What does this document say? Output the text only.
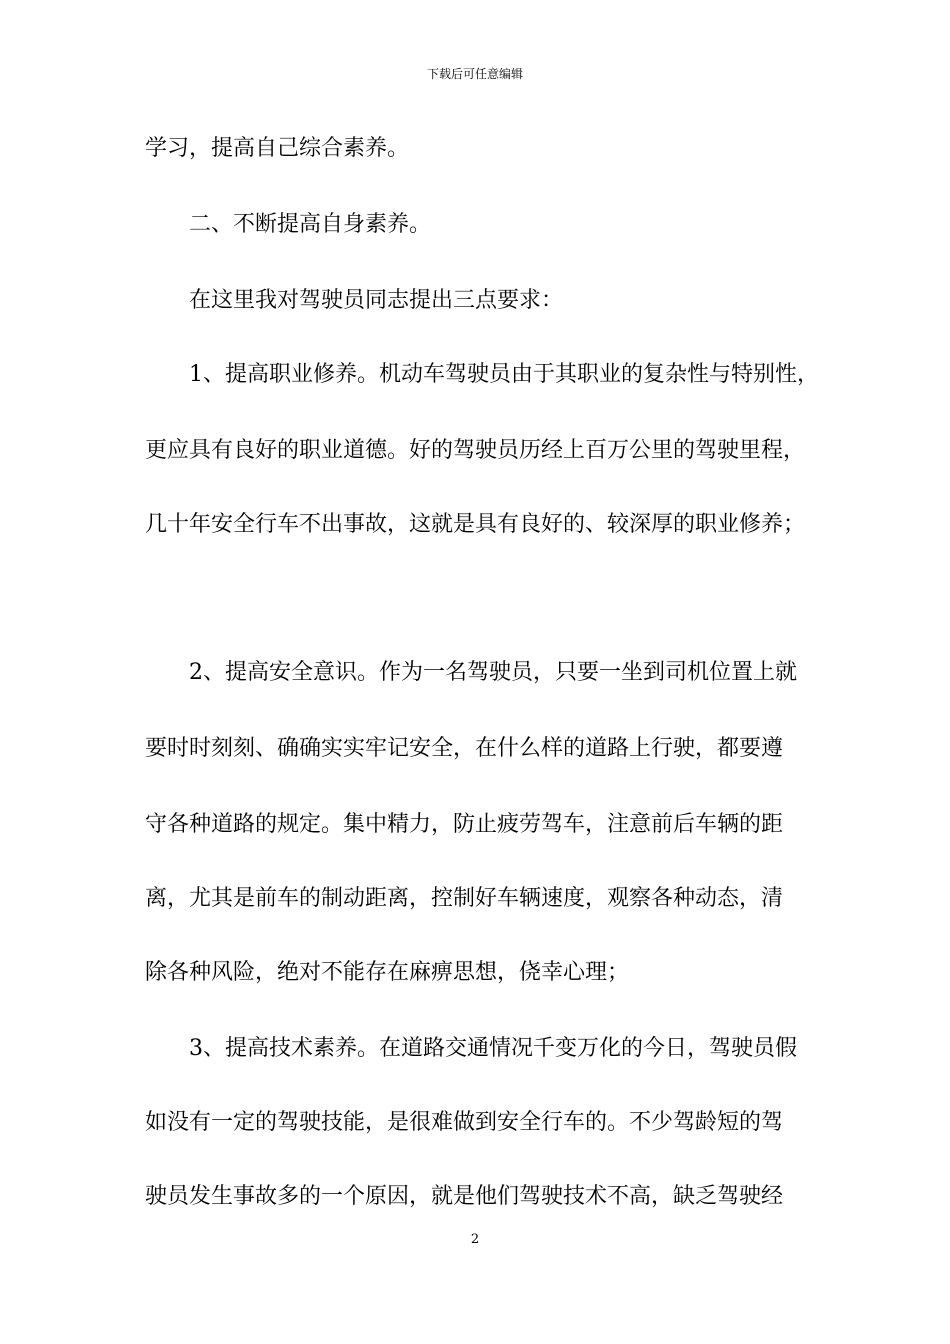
下载后可任意编辑
学习，提高自己综合素养。
二、不断提高自身素养。
在这里我对驾驶员同志提出三点要求：
1、提高职业修养。机动车驾驶员由于其职业的复杂性与特别性，
更应具有良好的职业道德。好的驾驶员历经上百万公里的驾驶里程，
几十年安全行车不出事故，这就是具有良好的、较深厚的职业修养；
2、提高安全意识。作为一名驾驶员，只要一坐到司机位置上就
要时时刻刻、确确实实牢记安全，在什么样的道路上行驶，都要遵
守各种道路的规定。集中精力，防止疲劳驾车，注意前后车辆的距
离，尤其是前车的制动距离，控制好车辆速度，观察各种动态，清
除各种风险，绝对不能存在麻痹思想，侥幸心理；
3、提高技术素养。在道路交通情况千变万化的今日，驾驶员假
如没有一定的驾驶技能，是很难做到安全行车的。不少驾龄短的驾
驶员发生事故多的一个原因，就是他们驾驶技术不高，缺乏驾驶经
2
